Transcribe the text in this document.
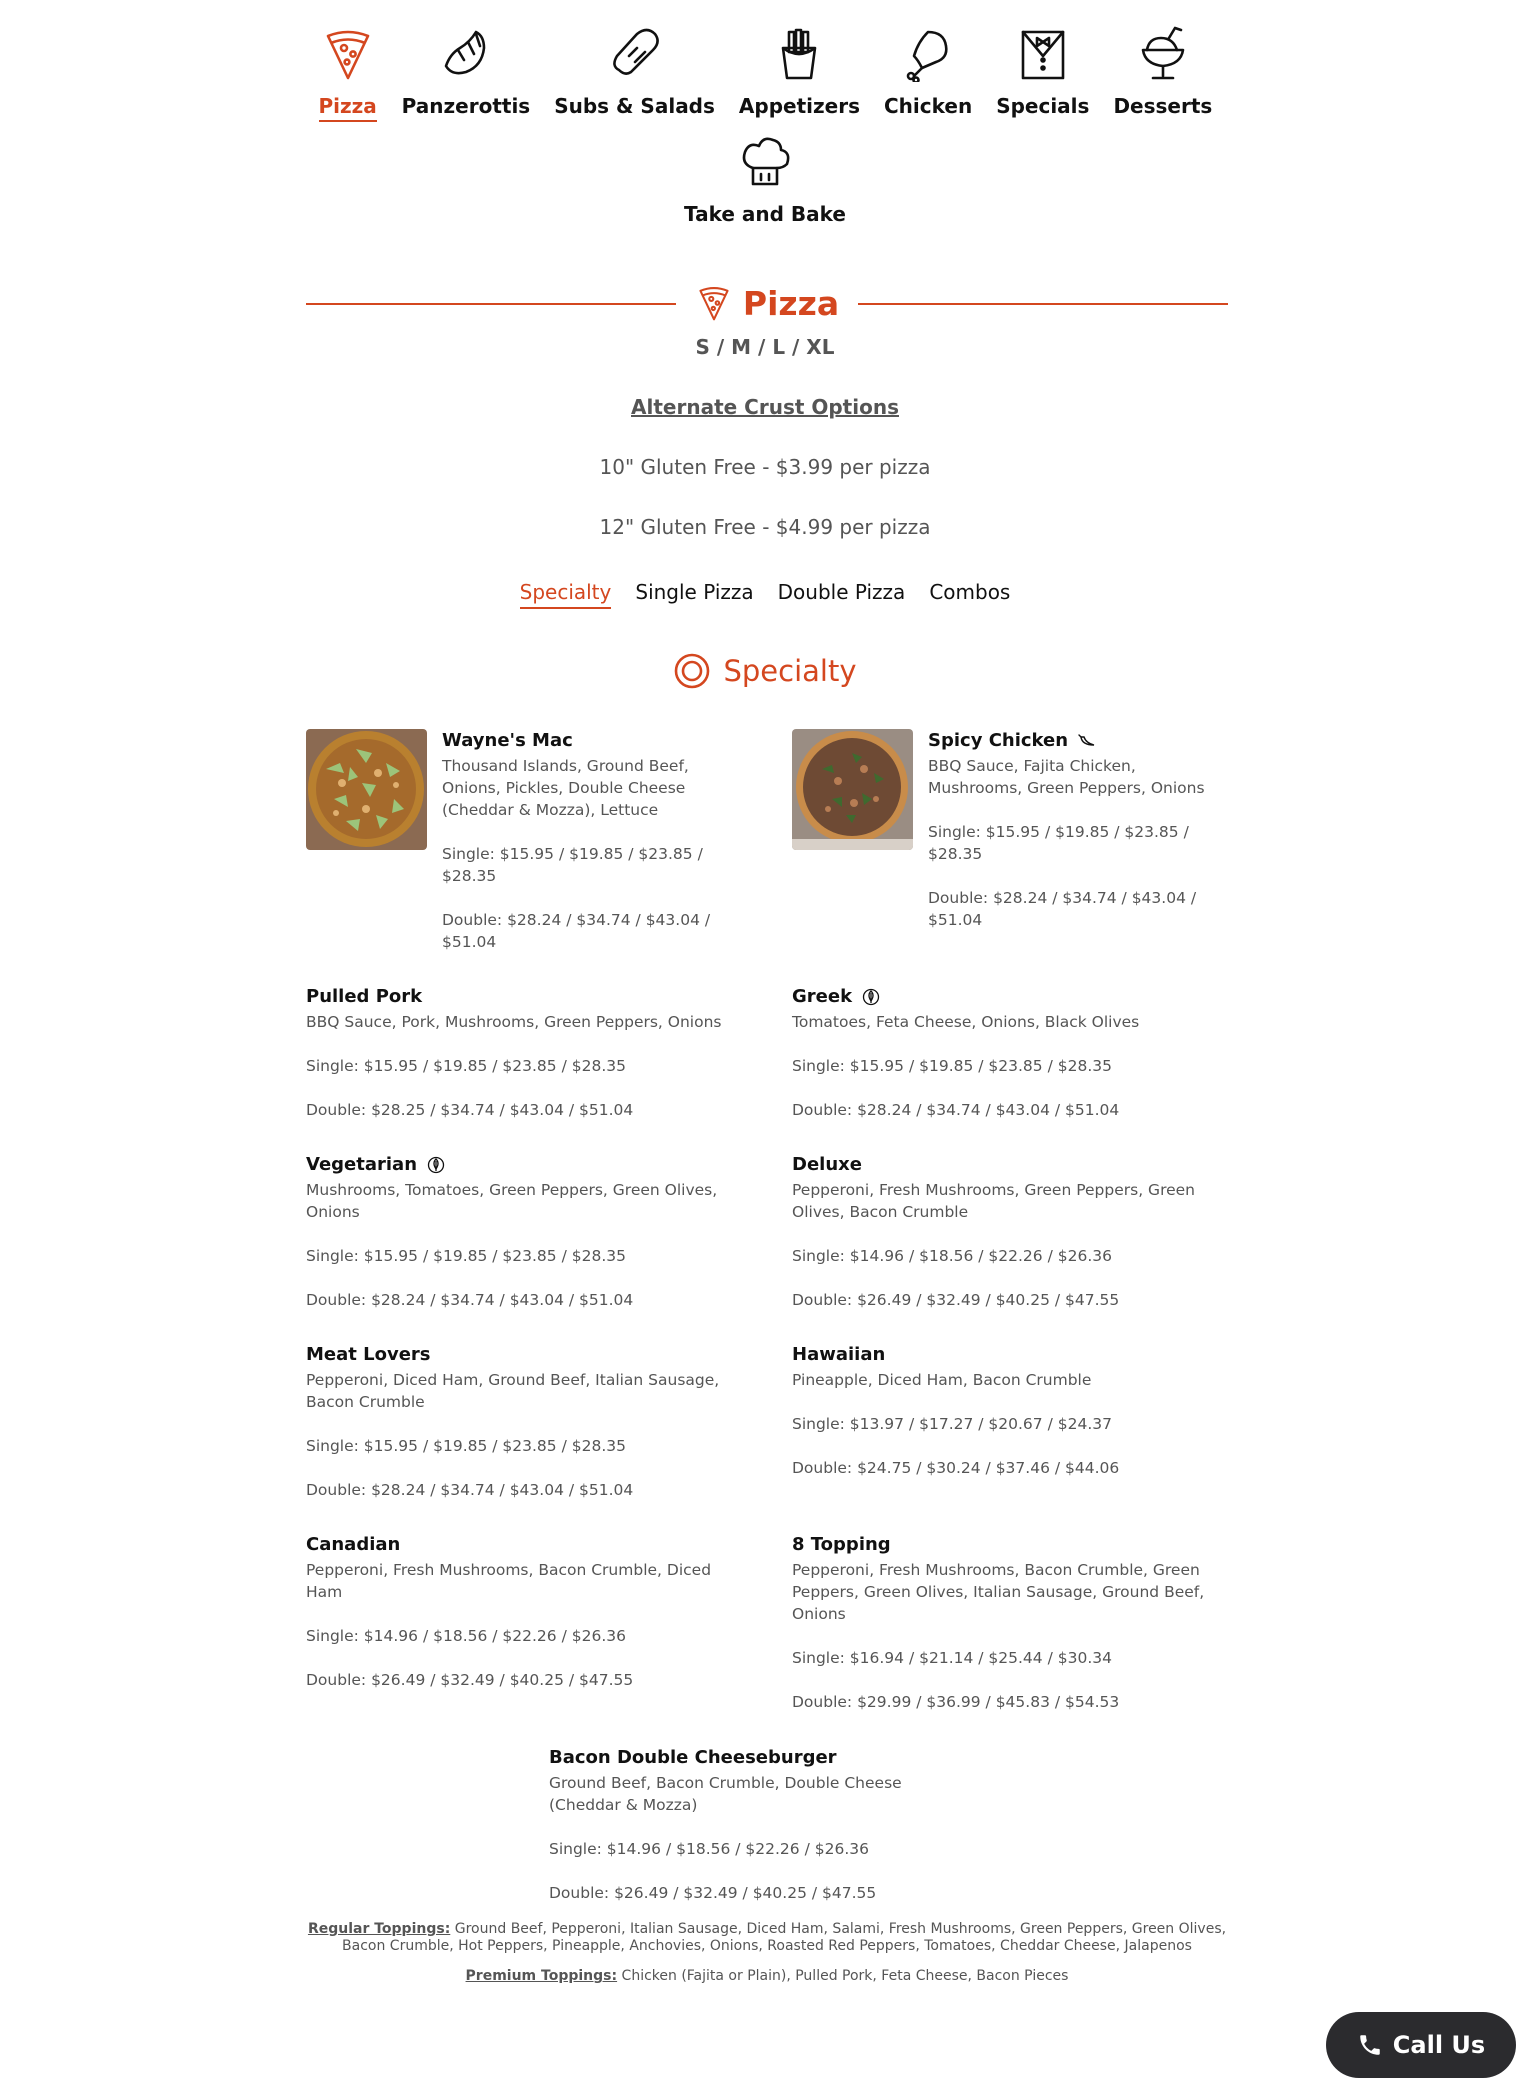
Pizza Panzerottis Subs & Salads Appetizers Chicken Specials Desserts
Take and Bake
Pizza
S / M / L / XL
Alternate Crust Options
10" Gluten Free - $3.99 per pizza
12" Gluten Free - $4.99 per pizza
Specialty Single Pizza Double Pizza Combos
Specialty
Wayne's Mac
Thousand Islands, Ground Beef, Onions, Pickles, Double Cheese (Cheddar & Mozza), Lettuce
Single: $15.95 / $19.85 / $23.85 / $28.35
Double: $28.24 / $34.74 / $43.04 / $51.04
Spicy Chicken
BBQ Sauce, Fajita Chicken, Mushrooms, Green Peppers, Onions
Single: $15.95 / $19.85 / $23.85 / $28.35
Double: $28.24 / $34.74 / $43.04 / $51.04
Pulled Pork
BBQ Sauce, Pork, Mushrooms, Green Peppers, Onions
Single: $15.95 / $19.85 / $23.85 / $28.35
Double: $28.25 / $34.74 / $43.04 / $51.04
Greek
Tomatoes, Feta Cheese, Onions, Black Olives
Single: $15.95 / $19.85 / $23.85 / $28.35
Double: $28.24 / $34.74 / $43.04 / $51.04
Vegetarian
Mushrooms, Tomatoes, Green Peppers, Green Olives, Onions
Single: $15.95 / $19.85 / $23.85 / $28.35
Double: $28.24 / $34.74 / $43.04 / $51.04
Deluxe
Pepperoni, Fresh Mushrooms, Green Peppers, Green Olives, Bacon Crumble
Single: $14.96 / $18.56 / $22.26 / $26.36
Double: $26.49 / $32.49 / $40.25 / $47.55
Meat Lovers
Pepperoni, Diced Ham, Ground Beef, Italian Sausage, Bacon Crumble
Single: $15.95 / $19.85 / $23.85 / $28.35
Double: $28.24 / $34.74 / $43.04 / $51.04
Hawaiian
Pineapple, Diced Ham, Bacon Crumble
Single: $13.97 / $17.27 / $20.67 / $24.37
Double: $24.75 / $30.24 / $37.46 / $44.06
Canadian
Pepperoni, Fresh Mushrooms, Bacon Crumble, Diced Ham
Single: $14.96 / $18.56 / $22.26 / $26.36
Double: $26.49 / $32.49 / $40.25 / $47.55
8 Topping
Pepperoni, Fresh Mushrooms, Bacon Crumble, Green Peppers, Green Olives, Italian Sausage, Ground Beef, Onions
Single: $16.94 / $21.14 / $25.44 / $30.34
Double: $29.99 / $36.99 / $45.83 / $54.53
Bacon Double Cheeseburger
Ground Beef, Bacon Crumble, Double Cheese (Cheddar & Mozza)
Single: $14.96 / $18.56 / $22.26 / $26.36
Double: $26.49 / $32.49 / $40.25 / $47.55
Regular Toppings: Ground Beef, Pepperoni, Italian Sausage, Diced Ham, Salami, Fresh Mushrooms, Green Peppers, Green Olives, Bacon Crumble, Hot Peppers, Pineapple, Anchovies, Onions, Roasted Red Peppers, Tomatoes, Cheddar Cheese, Jalapenos
Premium Toppings: Chicken (Fajita or Plain), Pulled Pork, Feta Cheese, Bacon Pieces
Call Us
